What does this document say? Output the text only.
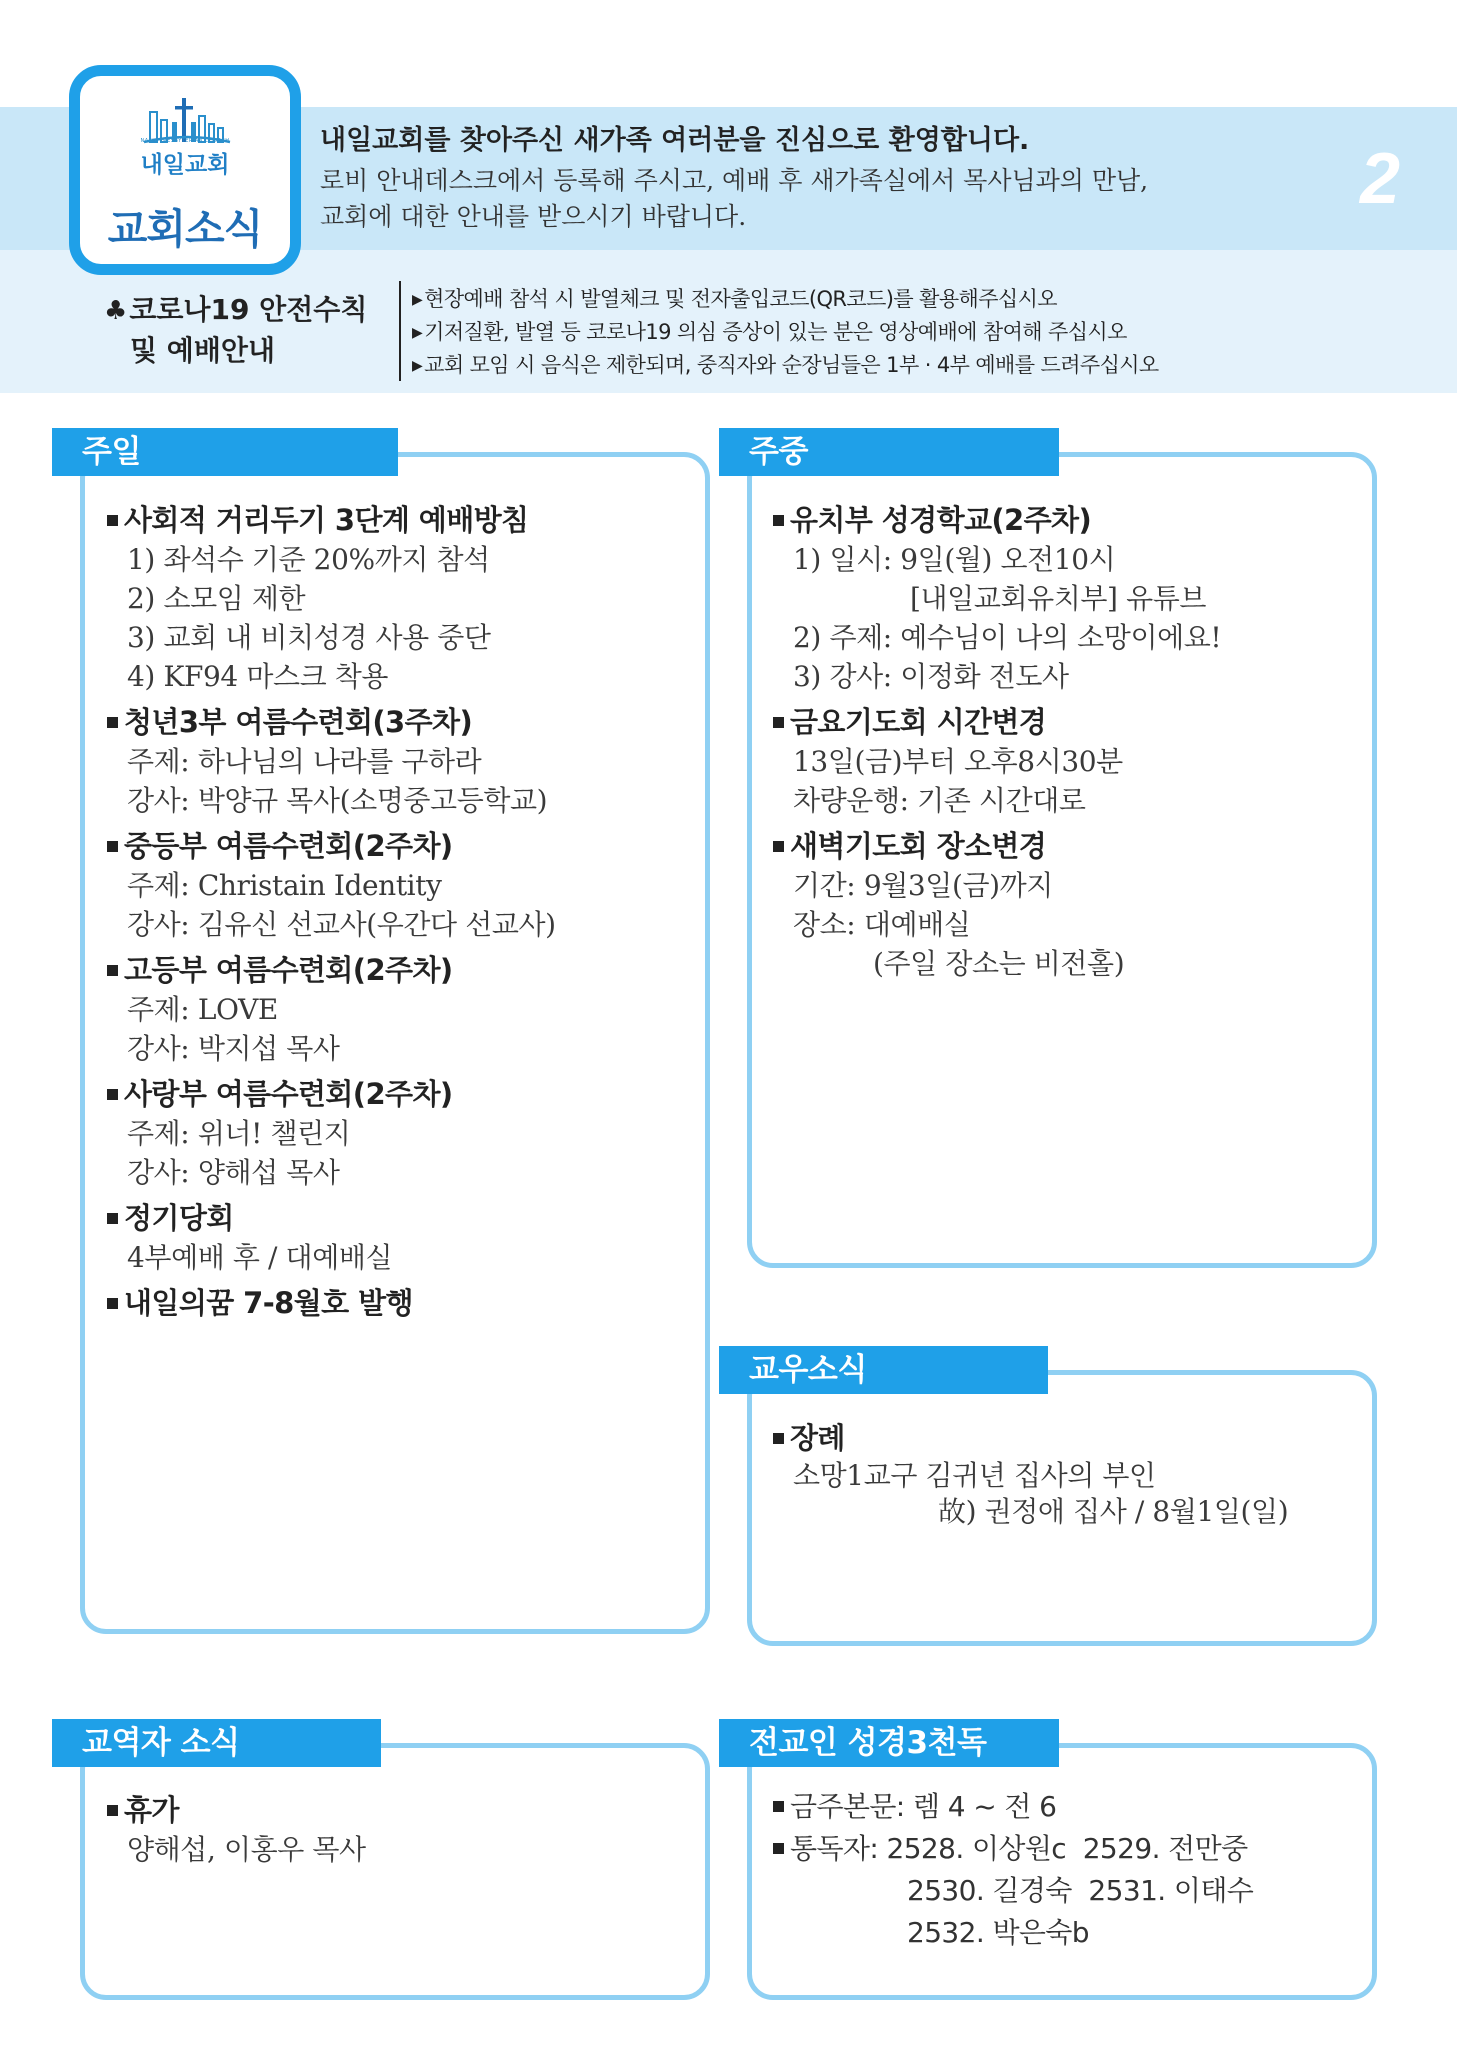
NAEIL PRESBYTERIAN CHURCH
내일교회
교회소식
내일교회를 찾아주신 새가족 여러분을 진심으로 환영합니다.
로비 안내데스크에서 등록해 주시고, 예배 후 새가족실에서 목사님과의 만남,
교회에 대한 안내를 받으시기 바랍니다.	2
♣코로나19 안전수칙
및 예배안내
▶현장예배 참석 시 발열체크 및 전자출입코드(QR코드)를 활용해주십시오
▶기저질환, 발열 등 코로나19 의심 증상이 있는 분은 영상예배에 참여해 주십시오
▶교회 모임 시 음식은 제한되며, 중직자와 순장님들은 1부 · 4부 예배를 드려주십시오
주일
사회적 거리두기 3단계 예배방침
1) 좌석수 기준 20%까지 참석
2) 소모임 제한
3) 교회 내 비치성경 사용 중단
4) KF94 마스크 착용
청년3부 여름수련회(3주차)
주제: 하나님의 나라를 구하라
강사: 박양규 목사(소명중고등학교)
중등부 여름수련회(2주차)
주제: Christain Identity
강사: 김유신 선교사(우간다 선교사)
고등부 여름수련회(2주차)
주제: LOVE
강사: 박지섭 목사
사랑부 여름수련회(2주차)
주제: 위너! 챌린지
강사: 양해섭 목사
정기당회
4부예배 후 / 대예배실
내일의꿈 7-8월호 발행
주중
유치부 성경학교(2주차)
1) 일시: 9일(월) 오전10시
[내일교회유치부] 유튜브
2) 주제: 예수님이 나의 소망이에요!
3) 강사: 이정화 전도사
금요기도회 시간변경
13일(금)부터 오후8시30분
차량운행: 기존 시간대로
새벽기도회 장소변경
기간: 9월3일(금)까지
장소: 대예배실
(주일 장소는 비전홀)
교우소식
장례
소망1교구 김귀년 집사의 부인
故) 권정애 집사 / 8월1일(일)
교역자 소식
휴가
양해섭, 이홍우 목사
전교인 성경3천독
금주본문: 렘 4 ~ 전 6
통독자: 2528. 이상원c 2529. 전만중
2530. 길경숙 2531. 이태수
2532. 박은숙b
